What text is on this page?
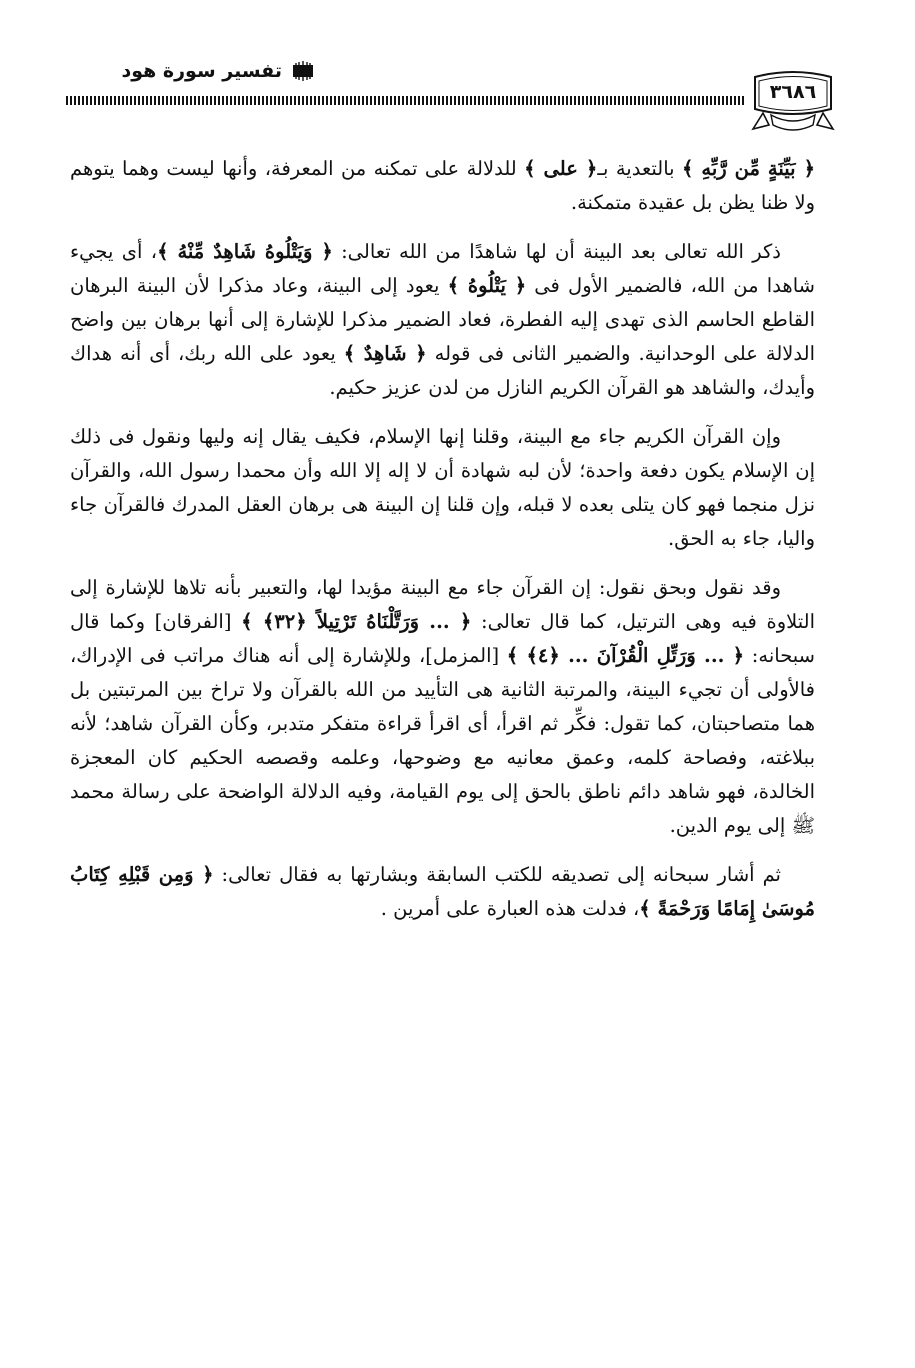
تفسير سورة هود
٣٦٨٦

﴿ بَيِّنَةٍ مِّن رَّبِّهِ ﴾ بالتعدية بـ﴿ على ﴾ للدلالة على تمكنه من المعرفة، وأنها ليست وهما يتوهم ولا ظنا يظن بل عقيدة متمكنة.

ذكر الله تعالى بعد البينة أن لها شاهدًا من الله تعالى: ﴿ وَيَتْلُوهُ شَاهِدٌ مِّنْهُ ﴾، أى يجيء شاهدا من الله، فالضمير الأول فى ﴿ يَتْلُوهُ ﴾ يعود إلى البينة، وعاد مذكرا لأن البينة البرهان القاطع الحاسم الذى تهدى إليه الفطرة، فعاد الضمير مذكرا للإشارة إلى أنها برهان بين واضح الدلالة على الوحدانية. والضمير الثانى فى قوله ﴿ شَاهِدٌ ﴾ يعود على الله ربك، أى أنه هداك وأيدك، والشاهد هو القرآن الكريم النازل من لدن عزيز حكيم.

وإن القرآن الكريم جاء مع البينة، وقلنا إنها الإسلام، فكيف يقال إنه وليها ونقول فى ذلك إن الإسلام يكون دفعة واحدة؛ لأن لبه شهادة أن لا إله إلا الله وأن محمدا رسول الله، والقرآن نزل منجما فهو كان يتلى بعده لا قبله، وإن قلنا إن البينة هى برهان العقل المدرك فالقرآن جاء واليا، جاء به الحق.

وقد نقول وبحق نقول: إن القرآن جاء مع البينة مؤيدا لها، والتعبير بأنه تلاها للإشارة إلى التلاوة فيه وهى الترتيل، كما قال تعالى: ﴿ ... وَرَتَّلْنَاهُ تَرْتِيلاً ﴿٣٢﴾ ﴾ [الفرقان] وكما قال سبحانه: ﴿ ... وَرَتِّلِ الْقُرْآنَ ... ﴿٤﴾ ﴾ [المزمل]، وللإشارة إلى أنه هناك مراتب فى الإدراك، فالأولى أن تجيء البينة، والمرتبة الثانية هى التأييد من الله بالقرآن ولا تراخ بين المرتبتين بل هما متصاحبتان، كما تقول: فكِّر ثم اقرأ، أى اقرأ قراءة متفكر متدبر، وكأن القرآن شاهد؛ لأنه ببلاغته، وفصاحة كلمه، وعمق معانيه مع وضوحها، وعلمه وقصصه الحكيم كان المعجزة الخالدة، فهو شاهد دائم ناطق بالحق إلى يوم القيامة، وفيه الدلالة الواضحة على رسالة محمد ﷺ إلى يوم الدين.

ثم أشار سبحانه إلى تصديقه للكتب السابقة وبشارتها به فقال تعالى: ﴿ وَمِن قَبْلِهِ كِتَابُ مُوسَىٰ إِمَامًا وَرَحْمَةً ﴾، فدلت هذه العبارة على أمرين .
